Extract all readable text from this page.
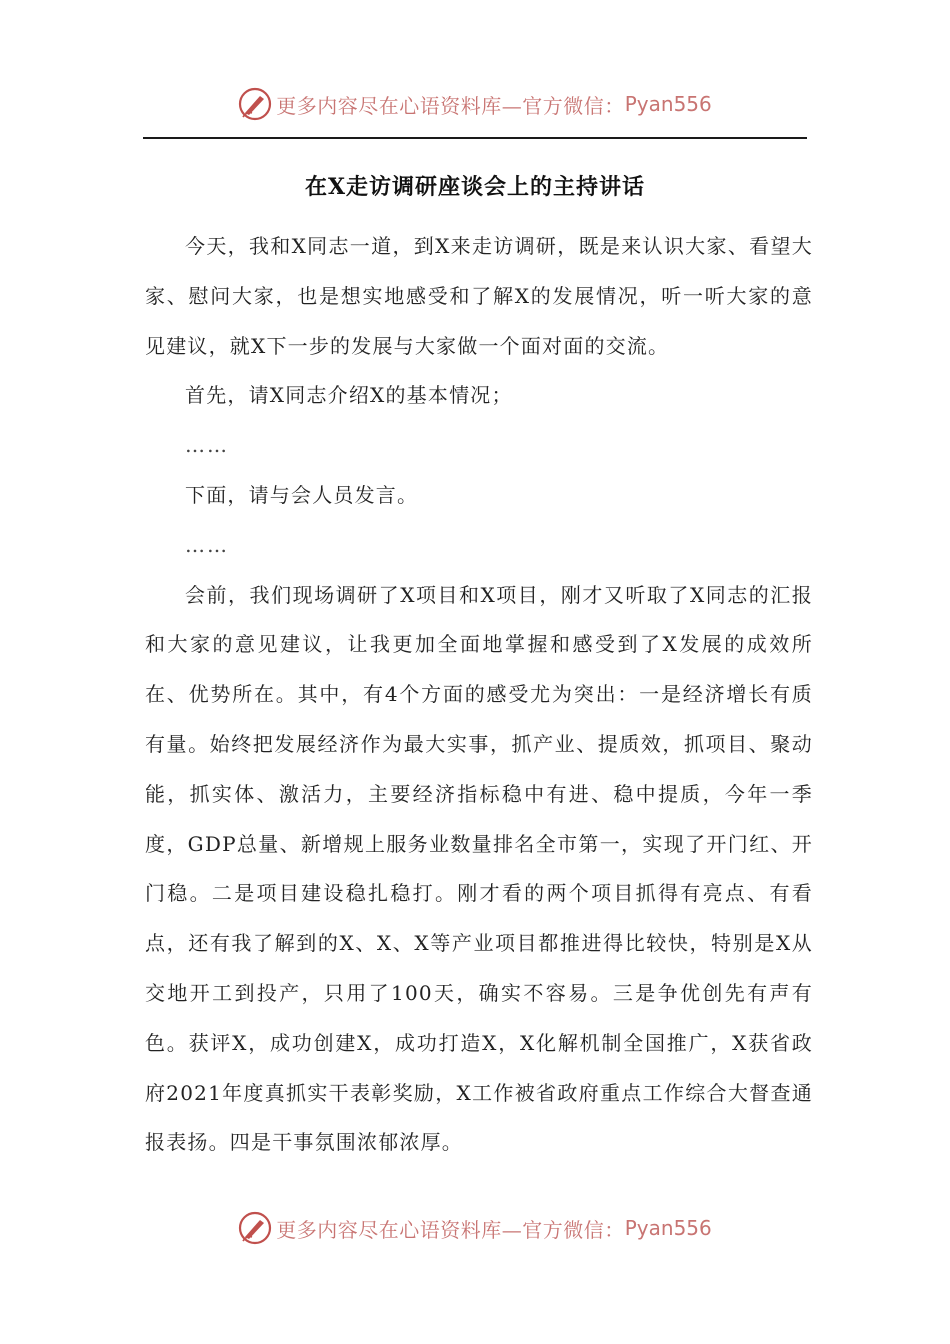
更多内容尽在心语资料库—官方微信： Pyan556
在X走访调研座谈会上的主持讲话

今天，我和X同志一道，到X来走访调研，既是来认识大家、看望大家、慰问大家，也是想实地感受和了解X的发展情况，听一听大家的意见建议，就X下一步的发展与大家做一个面对面的交流。

首先，请X同志介绍X的基本情况；

……

下面，请与会人员发言。

……

会前，我们现场调研了X项目和X项目，刚才又听取了X同志的汇报和大家的意见建议，让我更加全面地掌握和感受到了X发展的成效所在、优势所在。其中，有4个方面的感受尤为突出：一是经济增长有质有量。始终把发展经济作为最大实事，抓产业、提质效，抓项目、聚动能，抓实体、激活力，主要经济指标稳中有进、稳中提质，今年一季度，GDP总量、新增规上服务业数量排名全市第一，实现了开门红、开门稳。二是项目建设稳扎稳打。刚才看的两个项目抓得有亮点、有看点，还有我了解到的X、X、X等产业项目都推进得比较快，特别是X从交地开工到投产，只用了100天，确实不容易。三是争优创先有声有色。获评X，成功创建X，成功打造X，X化解机制全国推广，X获省政府2021年度真抓实干表彰奖励，X工作被省政府重点工作综合大督查通报表扬。四是干事氛围浓郁浓厚。

更多内容尽在心语资料库—官方微信： Pyan556
